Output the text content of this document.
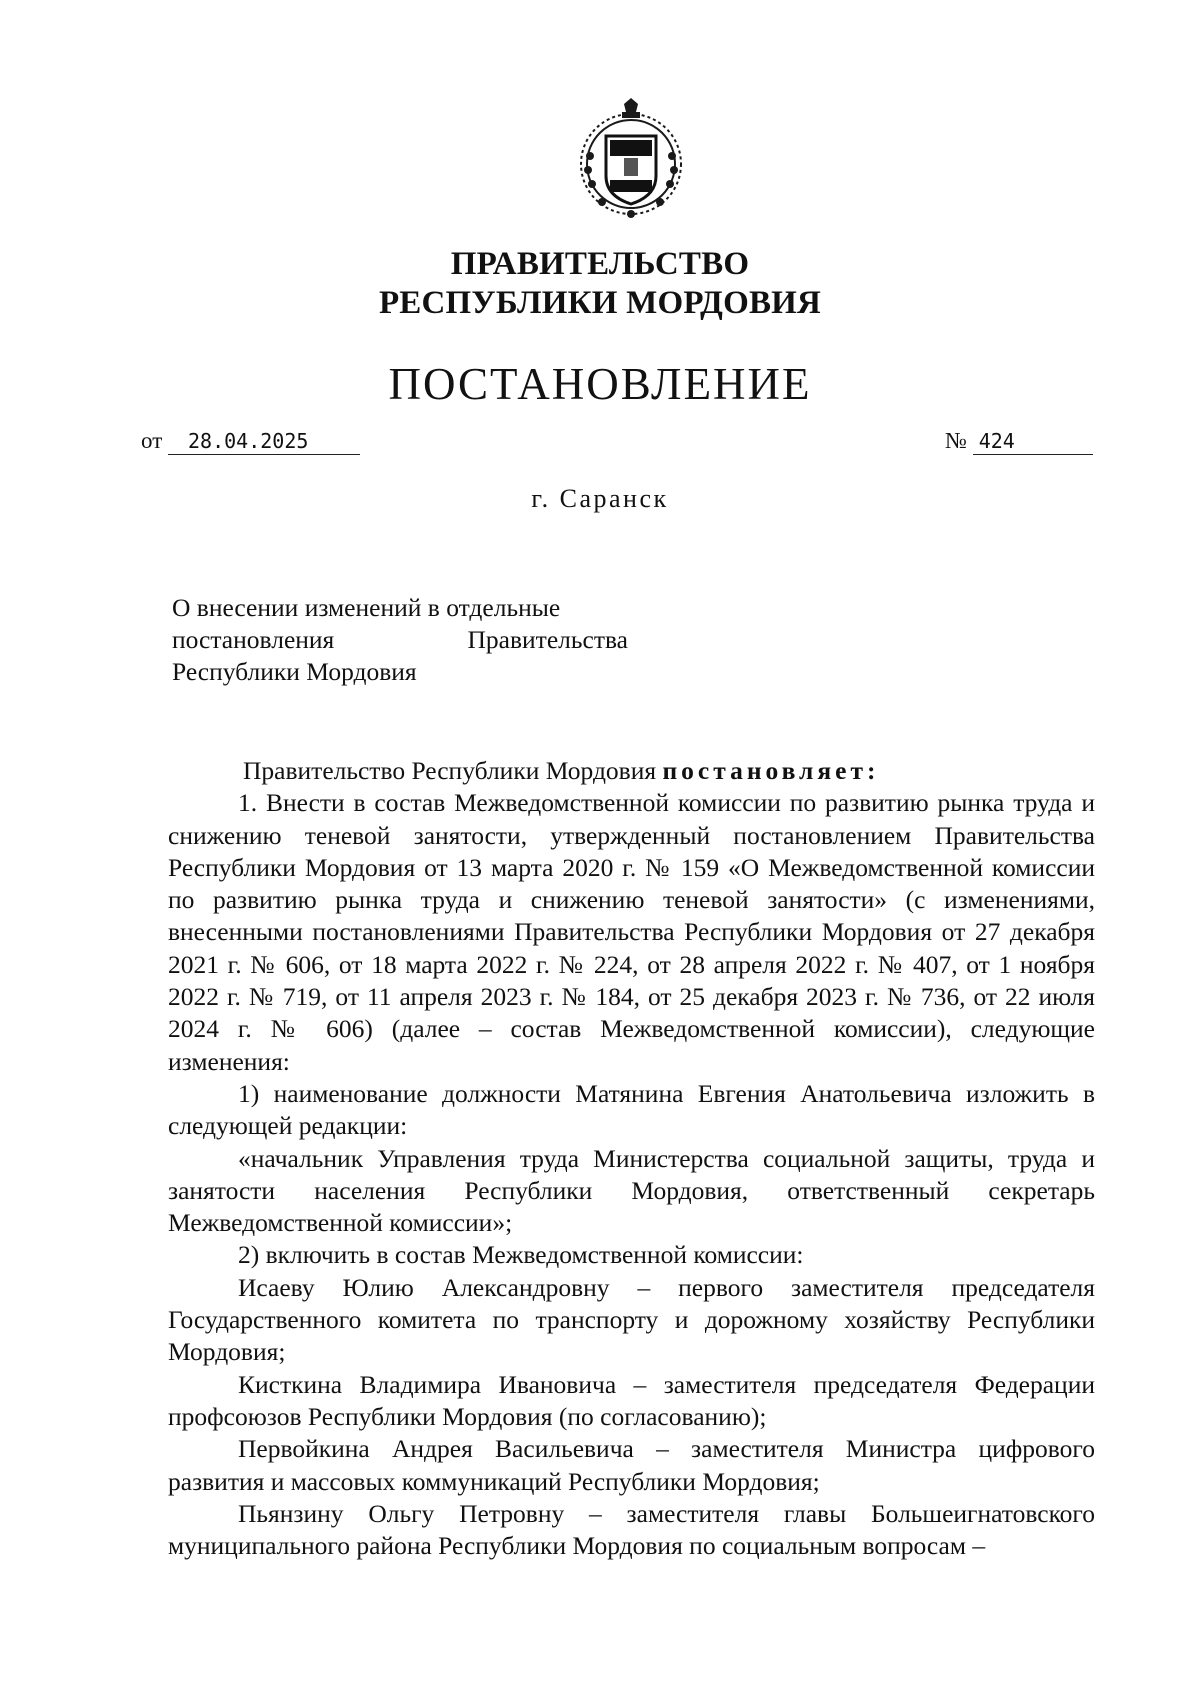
ПРАВИТЕЛЬСТВО
РЕСПУБЛИКИ МОРДОВИЯ
ПОСТАНОВЛЕНИЕ
от 28.04.2025	№ 424
г. Саранск
О внесении изменений в отдельные
постановления	Правительства
Республики Мордовия

Правительство Республики Мордовия постановляет:

1. Внести в состав Межведомственной комиссии по развитию рынка труда и снижению теневой занятости, утвержденный постановлением Правительства Республики Мордовия от 13 марта 2020 г. № 159 «О Межведомственной комиссии по развитию рынка труда и снижению теневой занятости» (с изменениями, внесенными постановлениями Правительства Республики Мордовия от 27 декабря 2021 г. № 606, от 18 марта 2022 г. № 224, от 28 апреля 2022 г. № 407, от 1 ноября 2022 г. № 719, от 11 апреля 2023 г. № 184, от 25 декабря 2023 г. № 736, от 22 июля 2024 г. № 606) (далее – состав Межведомственной комиссии), следующие изменения:

1) наименование должности Матянина Евгения Анатольевича изложить в следующей редакции:

«начальник Управления труда Министерства социальной защиты, труда и занятости населения Республики Мордовия, ответственный секретарь Межведомственной комиссии»;

2) включить в состав Межведомственной комиссии:

Исаеву Юлию Александровну – первого заместителя председателя Государственного комитета по транспорту и дорожному хозяйству Республики Мордовия;

Кисткина Владимира Ивановича – заместителя председателя Федерации профсоюзов Республики Мордовия (по согласованию);

Первойкина Андрея Васильевича – заместителя Министра цифрового развития и массовых коммуникаций Республики Мордовия;

Пьянзину Ольгу Петровну – заместителя главы Большеигнатовского муниципального района Республики Мордовия по социальным вопросам –
